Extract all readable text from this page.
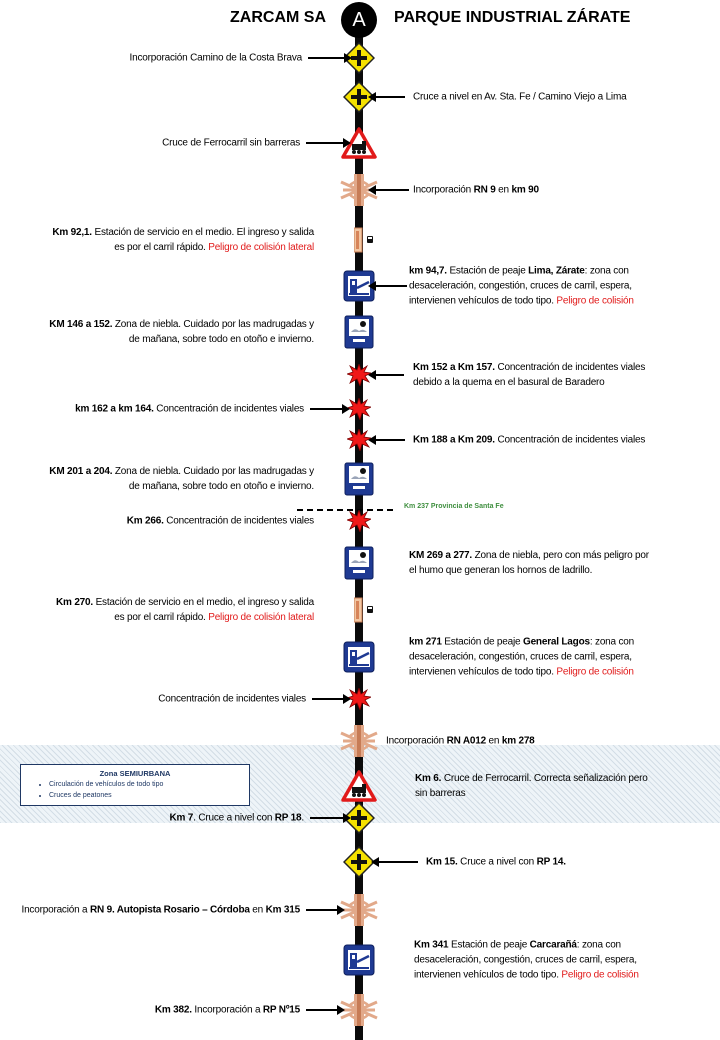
ZARCAM SA	A	PARQUE INDUSTRIAL ZÁRATE
Km 237 Provincia de Santa Fe
Zona SEMIURBANA
• Circulación de vehículos de todo tipo
• Cruces de peatones
Incorporación Camino de la Costa Brava
Cruce a nivel en Av. Sta. Fe / Camino Viejo a Lima
Cruce de Ferrocarril sin barreras
Incorporación RN 9 en km 90
Km 92,1. Estación de servicio en el medio. El ingreso y salida
es por el carril rápido. Peligro de colisión lateral
km 94,7. Estación de peaje Lima, Zárate: zona con
desaceleración, congestión, cruces de carril, espera,
intervienen vehículos de todo tipo. Peligro de colisión
KM 146 a 152. Zona de niebla. Cuidado por las madrugadas y
de mañana, sobre todo en otoño e invierno.
Km 152 a Km 157. Concentración de incidentes viales
debido a la quema en el basural de Baradero
km 162 a km 164. Concentración de incidentes viales
Km 188 a Km 209. Concentración de incidentes viales
KM 201 a 204. Zona de niebla. Cuidado por las madrugadas y
de mañana, sobre todo en otoño e invierno.
Km 266. Concentración de incidentes viales
KM 269 a 277. Zona de niebla, pero con más peligro por
el humo que generan los hornos de ladrillo.
Km 270. Estación de servicio en el medio, el ingreso y salida
es por el carril rápido. Peligro de colisión lateral
km 271 Estación de peaje General Lagos: zona con
desaceleración, congestión, cruces de carril, espera,
intervienen vehículos de todo tipo. Peligro de colisión
Concentración de incidentes viales
Incorporación RN A012 en km 278
Km 6. Cruce de Ferrocarril. Correcta señalización pero
sin barreras
Km 7. Cruce a nivel con RP 18.
Km 15. Cruce a nivel con RP 14.
Incorporación a RN 9. Autopista Rosario – Córdoba en Km 315
Km 341 Estación de peaje Carcarañá: zona con
desaceleración, congestión, cruces de carril, espera,
intervienen vehículos de todo tipo. Peligro de colisión
Km 382. Incorporación a RP Nº15
